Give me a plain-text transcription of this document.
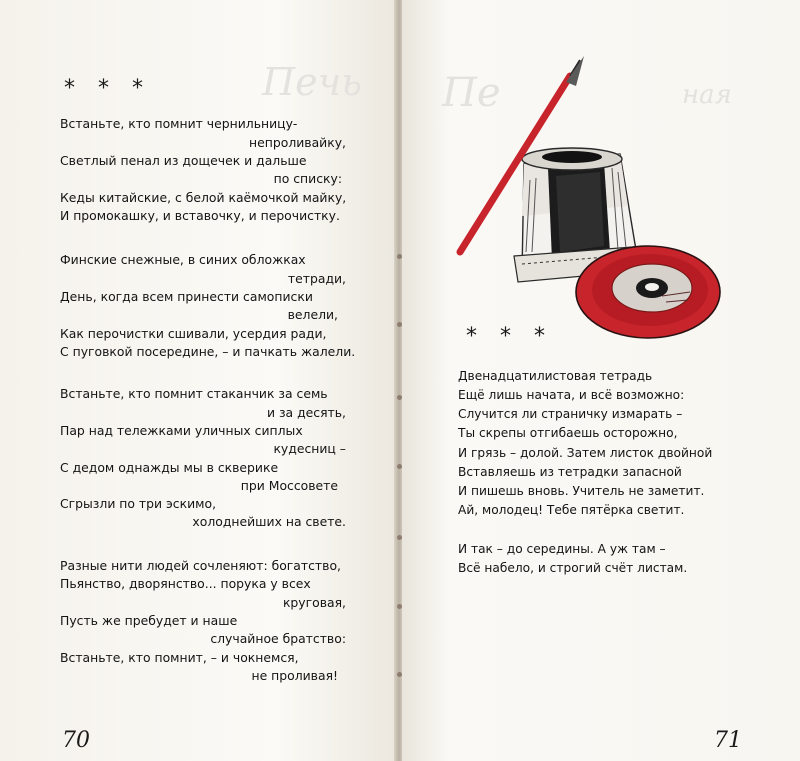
Печь
* * *
Встаньте, кто помнит чернильницу-
непроливайку,
Светлый пенал из дощечек и дальше
по списку:
Кеды китайские, с белой каёмочкой майку,
И промокашку, и вставочку, и перочистку.
Финские снежные, в синих обложках
тетради,
День, когда всем принести самописки
велели,
Как перочистки сшивали, усердия ради,
С пуговкой посередине, – и пачкать жалели.
Встаньте, кто помнит стаканчик за семь
и за десять,
Пар над тележками уличных сиплых
кудесниц –
С дедом однажды мы в скверике
при Моссовете
Сгрызли по три эскимо,
холоднейших на свете.
Разные нити людей сочленяют: богатство,
Пьянство, дворянство... порука у всех
круговая,
Пусть же пребудет и наше
случайное братство:
Встаньте, кто помнит, – и чокнемся,
не проливая!
70
Пе	ная
* * *
Двенадцатилистовая тетрадь
Ещё лишь начата, и всё возможно:
Случится ли страничку измарать –
Ты скрепы отгибаешь осторожно,
И грязь – долой. Затем листок двойной
Вставляешь из тетрадки запасной
И пишешь вновь. Учитель не заметит.
Ай, молодец! Тебе пятёрка светит.
И так – до середины. А уж там –
Всё набело, и строгий счёт листам.
71
